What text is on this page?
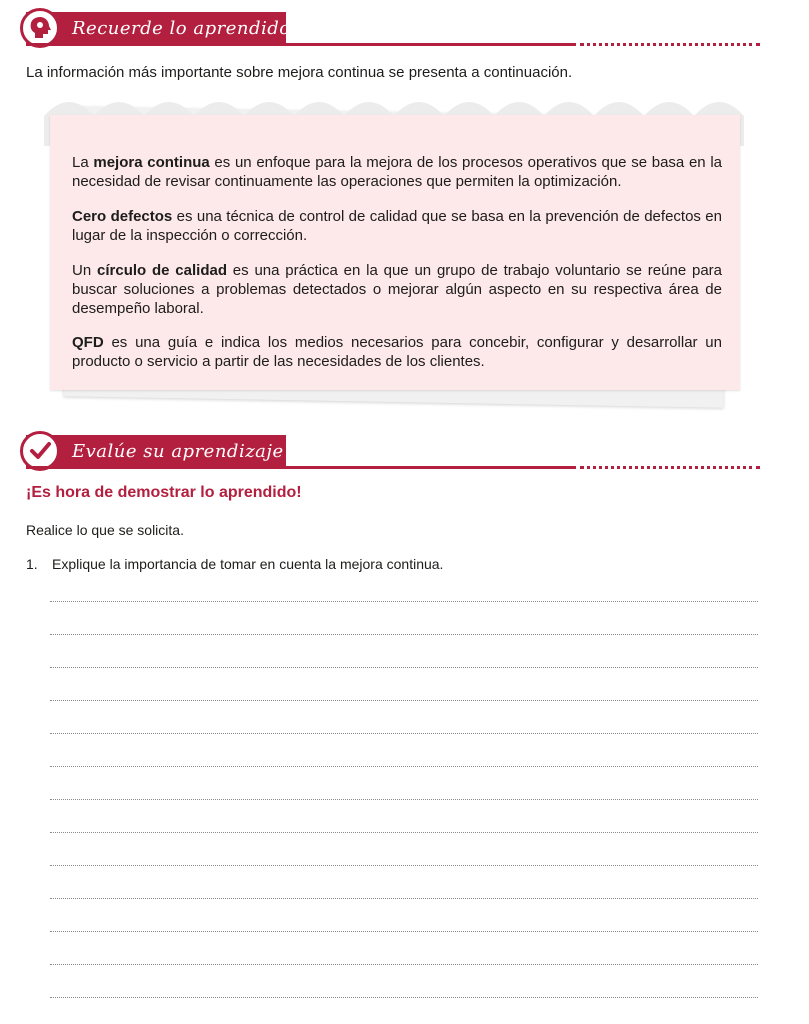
Recuerde lo aprendido
La información más importante sobre mejora continua se presenta a continuación.

La mejora continua es un enfoque para la mejora de los procesos operativos que se basa en la necesidad de revisar continuamente las operaciones que permiten la optimización.

Cero defectos es una técnica de control de calidad que se basa en la prevención de defectos en lugar de la inspección o corrección.

Un círculo de calidad es una práctica en la que un grupo de trabajo voluntario se reúne para buscar soluciones a problemas detectados o mejorar algún aspecto en su respectiva área de desempeño laboral.

QFD es una guía e indica los medios necesarios para concebir, configurar y desarrollar un producto o servicio a partir de las necesidades de los clientes.

Evalúe su aprendizaje
¡Es hora de demostrar lo aprendido!
Realice lo que se solicita.
1. Explique la importancia de tomar en cuenta la mejora continua.
